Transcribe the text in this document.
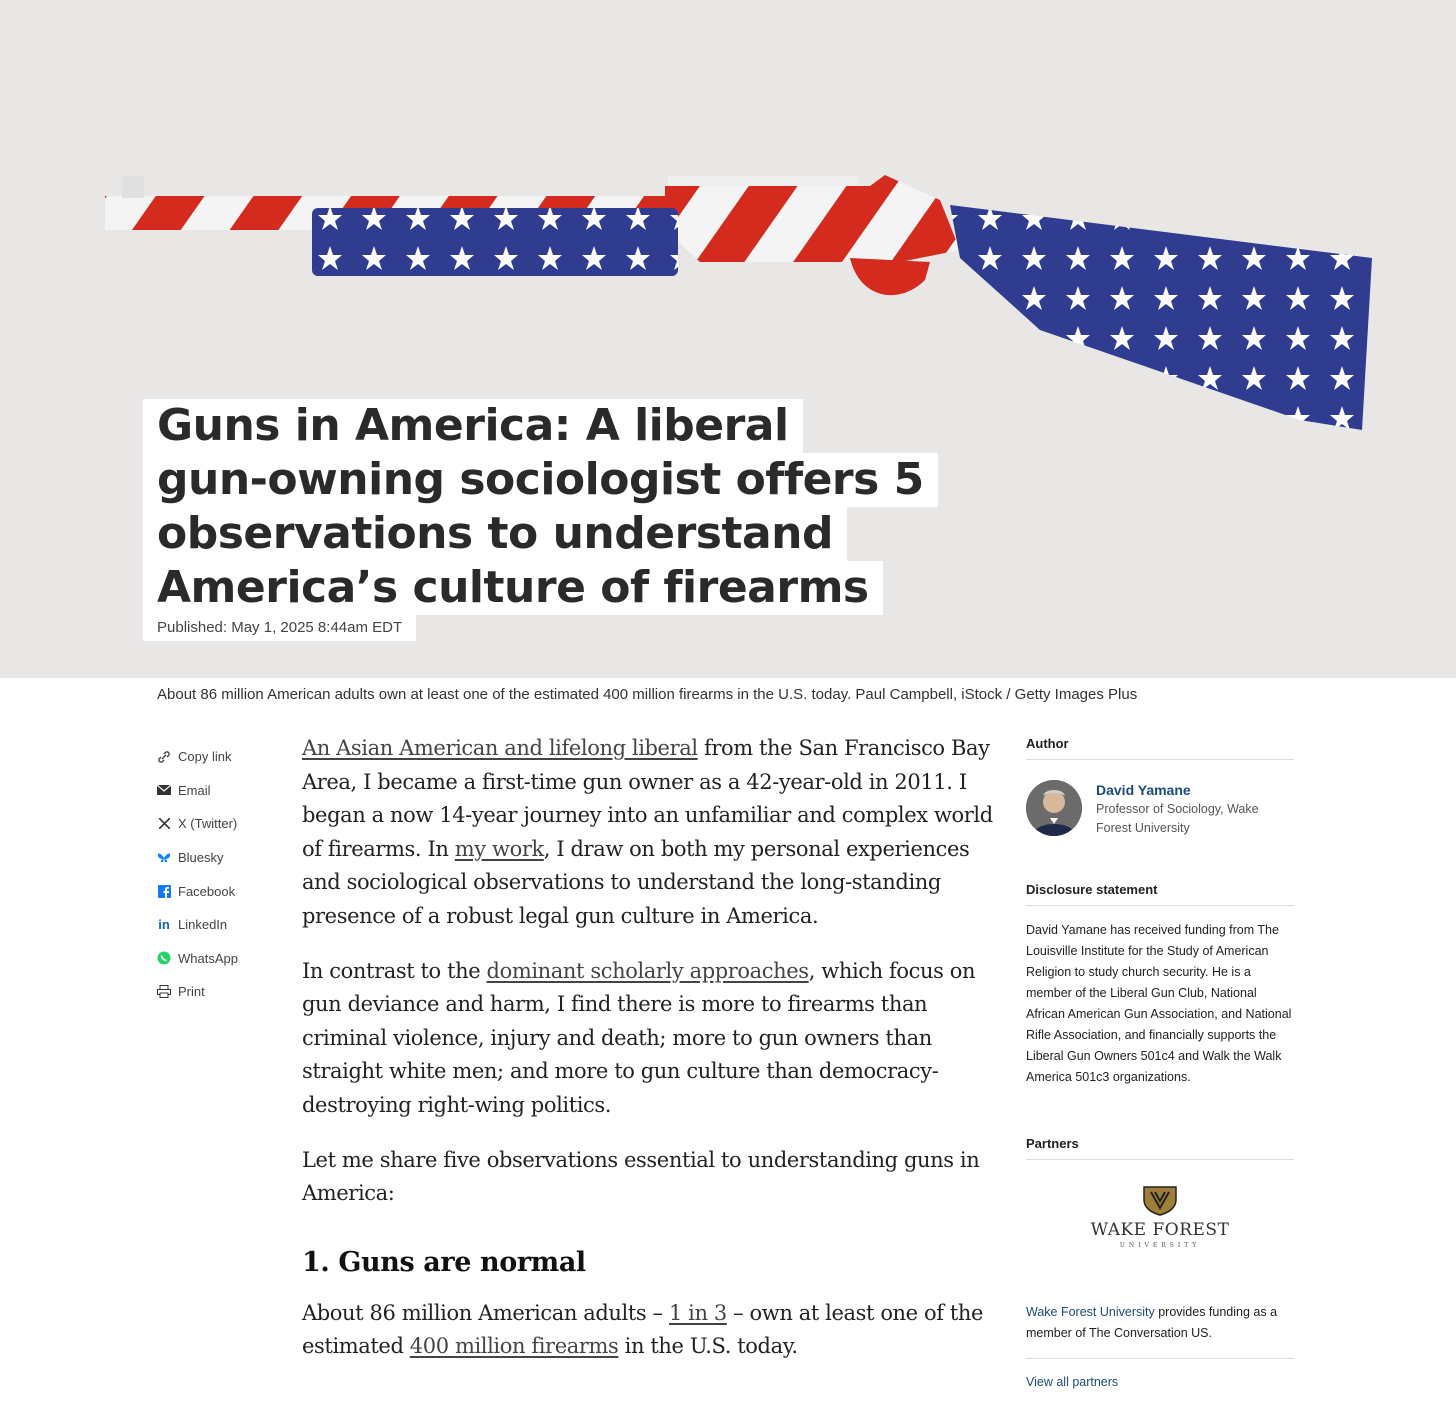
Guns in America: A liberal
gun-owning sociologist offers 5
observations to understand
America’s culture of firearms
Published: May 1, 2025 8:44am EDT
About 86 million American adults own at least one of the estimated 400 million firearms in the U.S. today. Paul Campbell, iStock / Getty Images Plus
Copy link
Email
X (Twitter)
Bluesky
Facebook
in LinkedIn
WhatsApp
Print

An Asian American and lifelong liberal from the San Francisco Bay Area, I became a first-time gun owner as a 42-year-old in 2011. I began a now 14-year journey into an unfamiliar and complex world of firearms. In my work, I draw on both my personal experiences and sociological observations to understand the long-standing presence of a robust legal gun culture in America.

In contrast to the dominant scholarly approaches, which focus on gun deviance and harm, I find there is more to firearms than criminal violence, injury and death; more to gun owners than straight white men; and more to gun culture than democracy-destroying right-wing politics.

Let me share five observations essential to understanding guns in America:

1. Guns are normal

About 86 million American adults – 1 in 3 – own at least one of the estimated 400 million firearms in the U.S. today.

Author
David Yamane
Professor of Sociology, Wake Forest University
Disclosure statement
David Yamane has received funding from The Louisville Institute for the Study of American Religion to study church security. He is a member of the Liberal Gun Club, National African American Gun Association, and National Rifle Association, and financially supports the Liberal Gun Owners 501c4 and Walk the Walk America 501c3 organizations.
Partners
WAKE FOREST
UNIVERSITY
Wake Forest University provides funding as a member of The Conversation US.
View all partners
